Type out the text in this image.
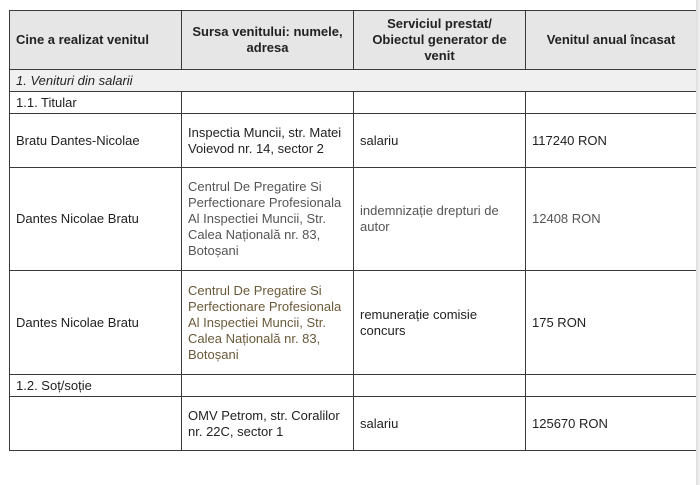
Cine a realizat venitul	Sursa venitului: numele, adresa	Serviciul prestat/ Obiectul generator de venit	Venitul anual încasat
1. Venituri din salarii			
1.1. Titular			
Bratu Dantes-Nicolae	Inspectia Muncii, str. Matei Voievod nr. 14, sector 2	salariu	117240 RON
Dantes Nicolae Bratu	Centrul De Pregatire Si Perfectionare Profesionala Al Inspectiei Muncii, Str. Calea Națională nr. 83, Botoșani	indemnizație drepturi de autor	12408 RON
Dantes Nicolae Bratu	Centrul De Pregatire Si Perfectionare Profesionala Al Inspectiei Muncii, Str. Calea Națională nr. 83, Botoșani	remunerație comisie concurs	175 RON
1.2. Soț/soție			
	OMV Petrom, str. Coralilor nr. 22C, sector 1	salariu	125670 RON
